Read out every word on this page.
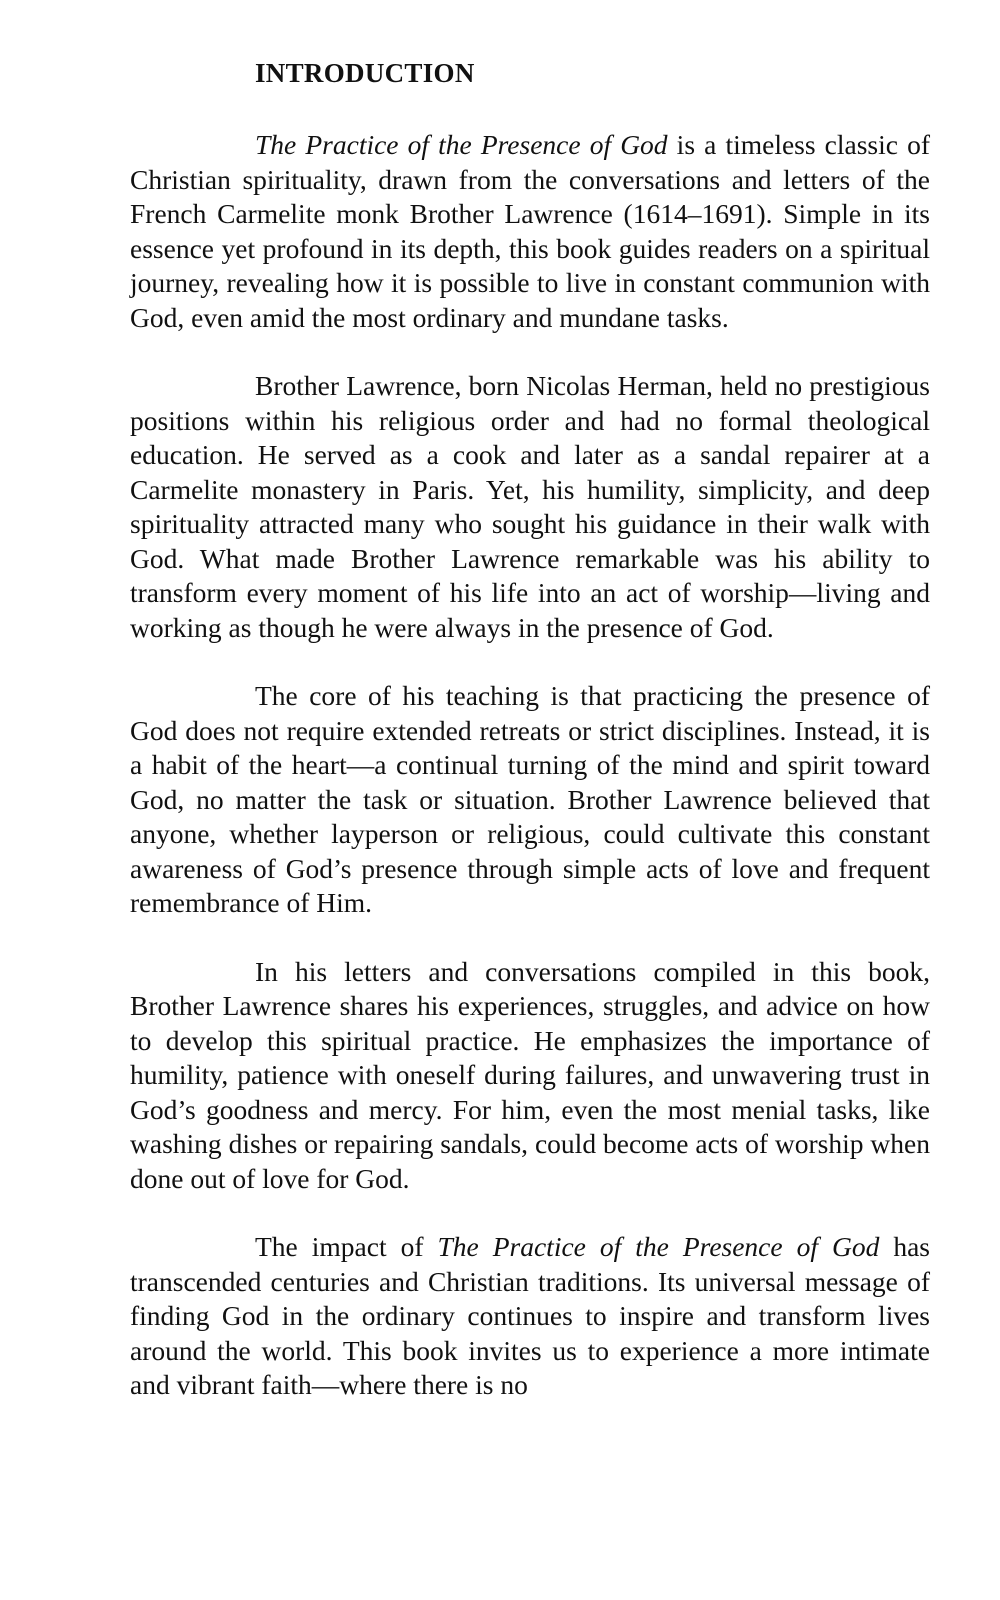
INTRODUCTION

The Practice of the Presence of God is a timeless classic of Christian spirituality, drawn from the conversations and letters of the French Carmelite monk Brother Lawrence (1614–1691). Simple in its essence yet profound in its depth, this book guides readers on a spiritual journey, revealing how it is possible to live in constant communion with God, even amid the most ordinary and mundane tasks.

Brother Lawrence, born Nicolas Herman, held no prestigious positions within his religious order and had no formal theological education. He served as a cook and later as a sandal repairer at a Carmelite monastery in Paris. Yet, his humility, simplicity, and deep spirituality attracted many who sought his guidance in their walk with God. What made Brother Lawrence remarkable was his ability to transform every moment of his life into an act of worship—living and working as though he were always in the presence of God.

The core of his teaching is that practicing the presence of God does not require extended retreats or strict disciplines. Instead, it is a habit of the heart—a continual turning of the mind and spirit toward God, no matter the task or situation. Brother Lawrence believed that anyone, whether layperson or religious, could cultivate this constant awareness of God’s presence through simple acts of love and frequent remembrance of Him.

In his letters and conversations compiled in this book, Brother Lawrence shares his experiences, struggles, and advice on how to develop this spiritual practice. He emphasizes the importance of humility, patience with oneself during failures, and unwavering trust in God’s goodness and mercy. For him, even the most menial tasks, like washing dishes or repairing sandals, could become acts of worship when done out of love for God.

The impact of The Practice of the Presence of God has transcended centuries and Christian traditions. Its universal message of finding God in the ordinary continues to inspire and transform lives around the world. This book invites us to experience a more intimate and vibrant faith—where there is no
